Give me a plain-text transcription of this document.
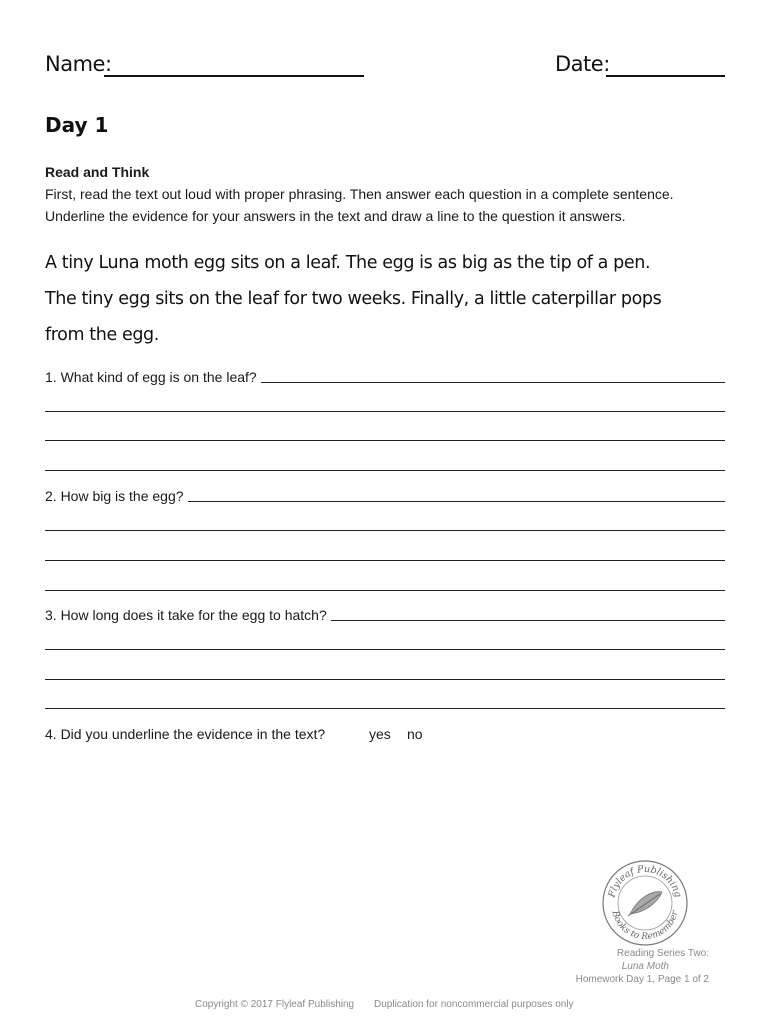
Name:	Date:
Day 1
Read and Think
First, read the text out loud with proper phrasing. Then answer each question in a complete sentence. Underline the evidence for your answers in the text and draw a line to the question it answers.
A tiny Luna moth egg sits on a leaf. The egg is as big as the tip of a pen.
The tiny egg sits on the leaf for two weeks. Finally, a little caterpillar pops
from the egg.
1. What kind of egg is on the leaf?
2. How big is the egg?
3. How long does it take for the egg to hatch?
4. Did you underline the evidence in the text?	yes no
Flyleaf Publishing
Books to Remember
Reading Series Two:
Luna Moth
Homework Day 1, Page 1 of 2
Copyright © 2017 Flyleaf Publishing Duplication for noncommercial purposes only
